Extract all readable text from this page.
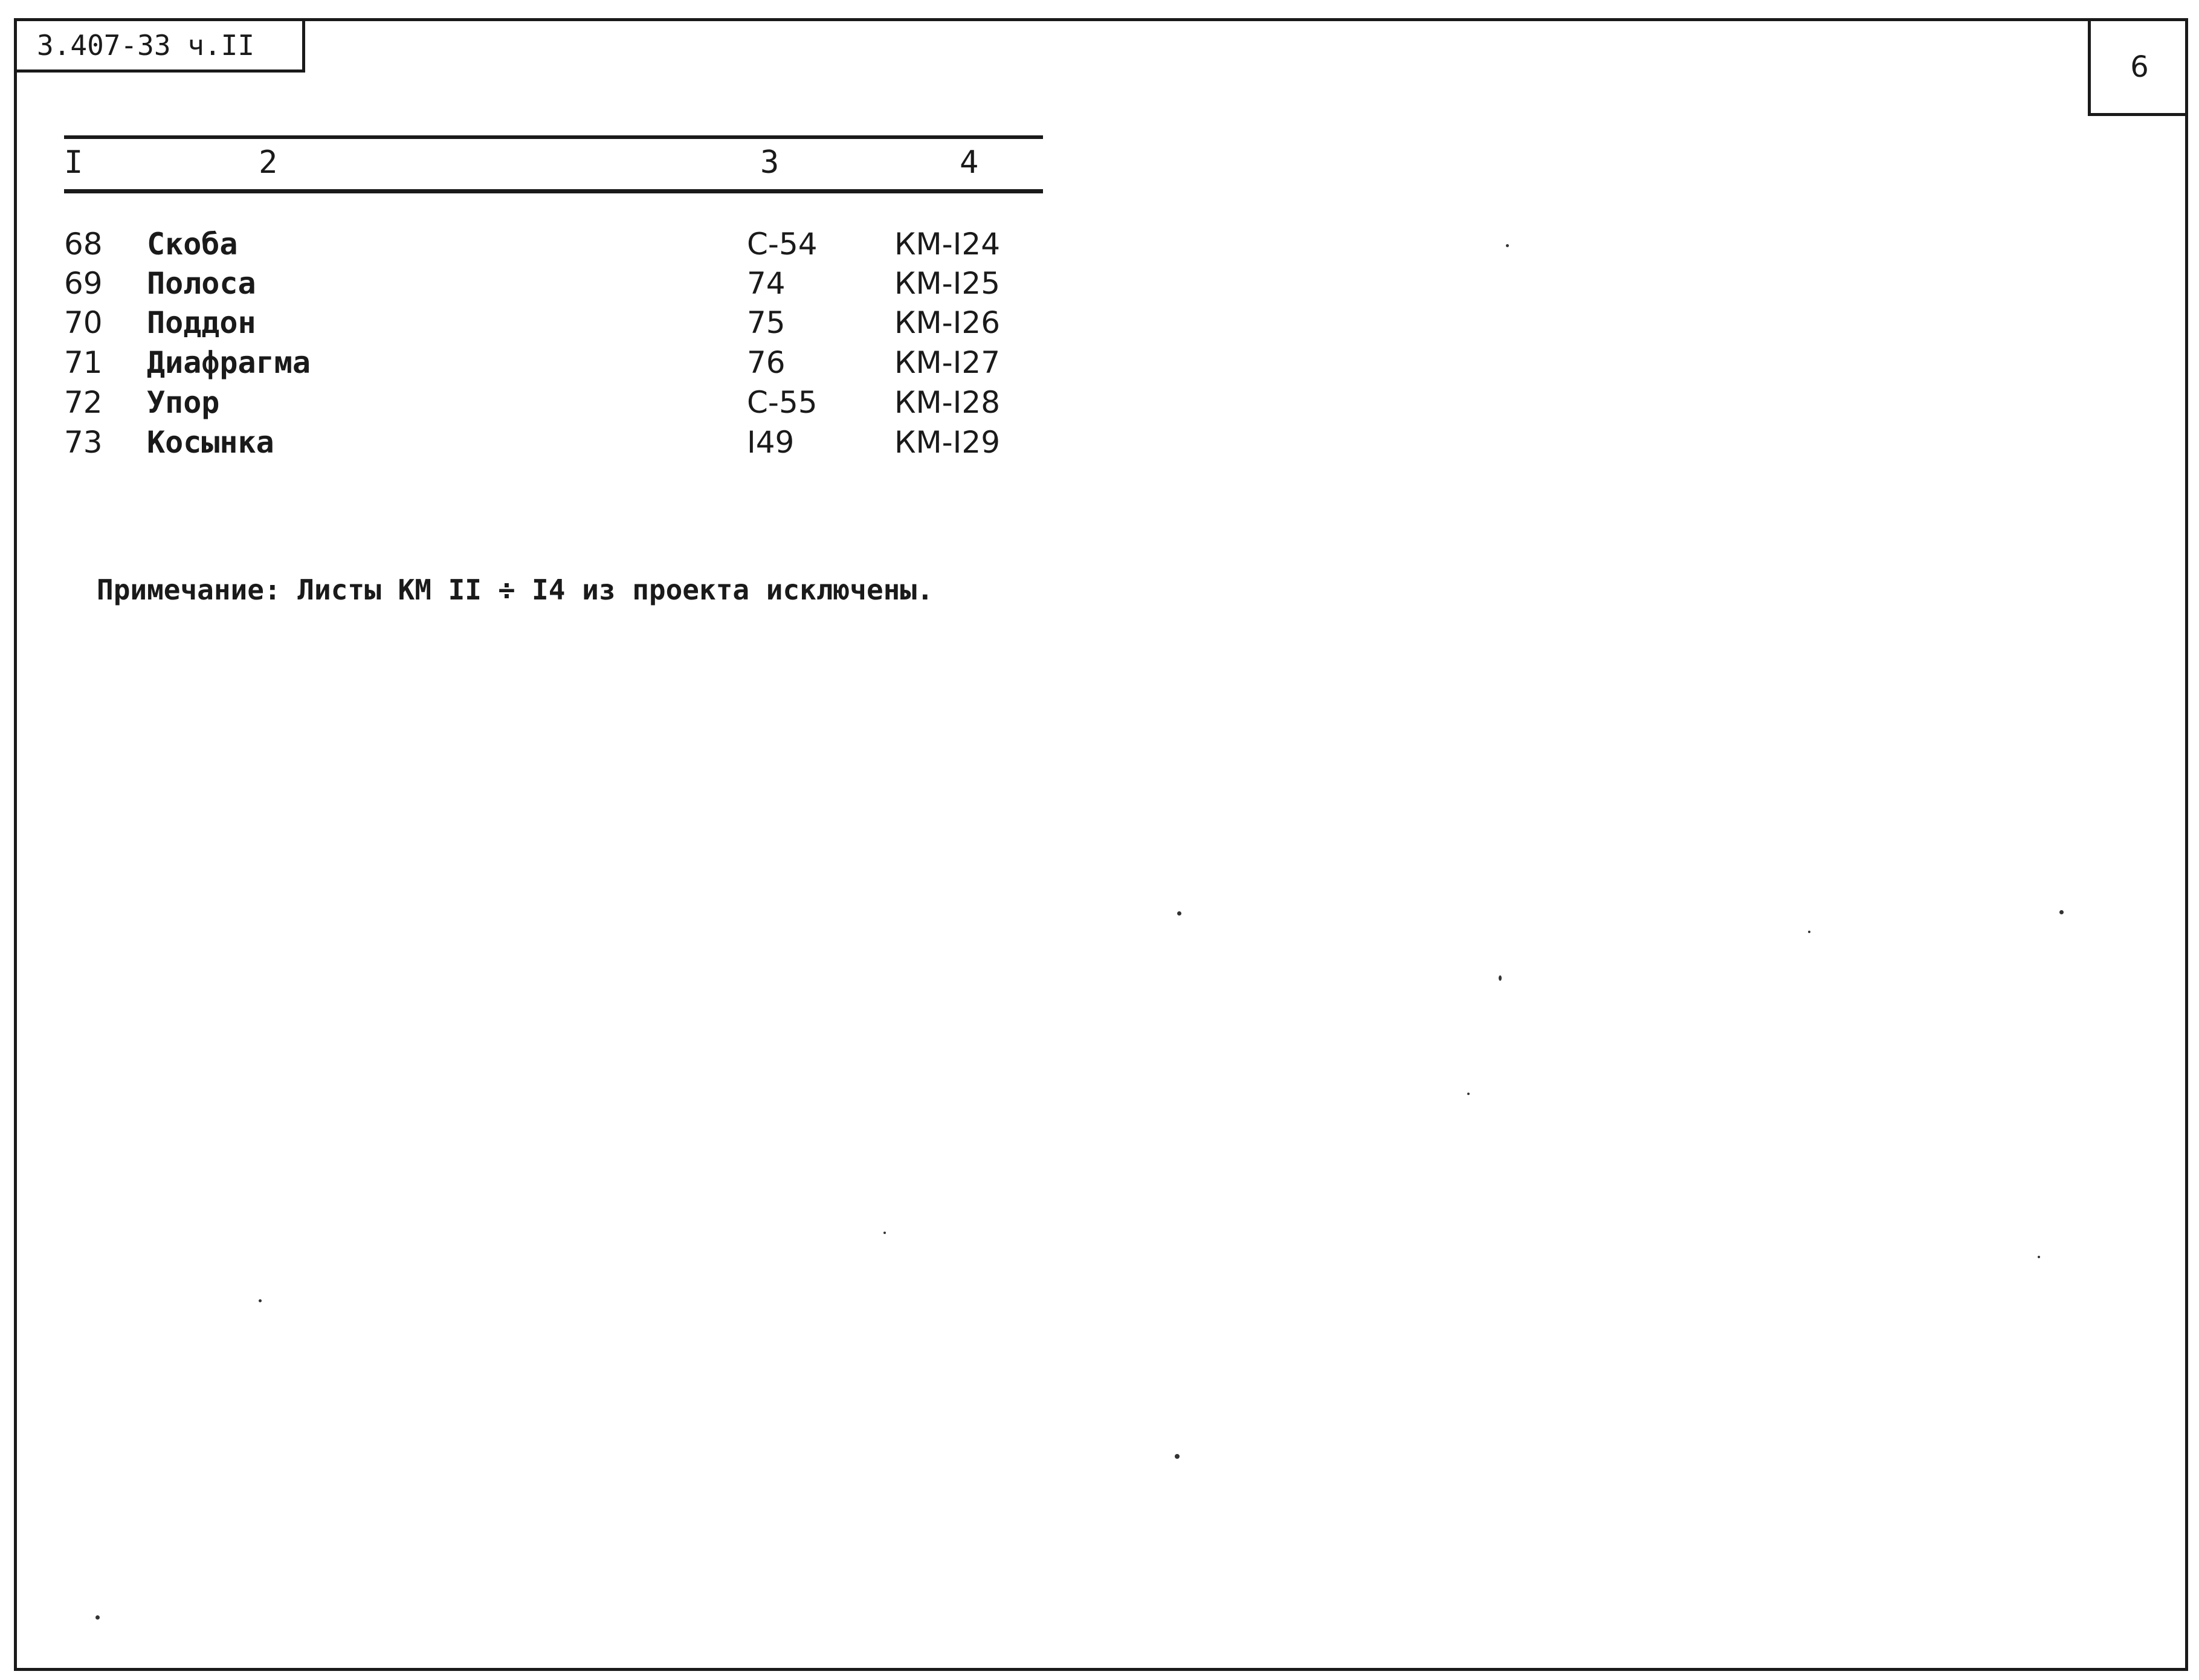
3.407-33 ч.II
6
I	2	3	4
68 Скоба	С-54	КМ-I24
69 Полоса	74	КМ-I25
70 Поддон	75	КМ-I26
71 Диафрагма	76	КМ-I27
72 Упор	С-55	КМ-I28
73 Косынка	I49	КМ-I29
Примечание: Листы КМ II ÷ I4 из проекта исключены.
